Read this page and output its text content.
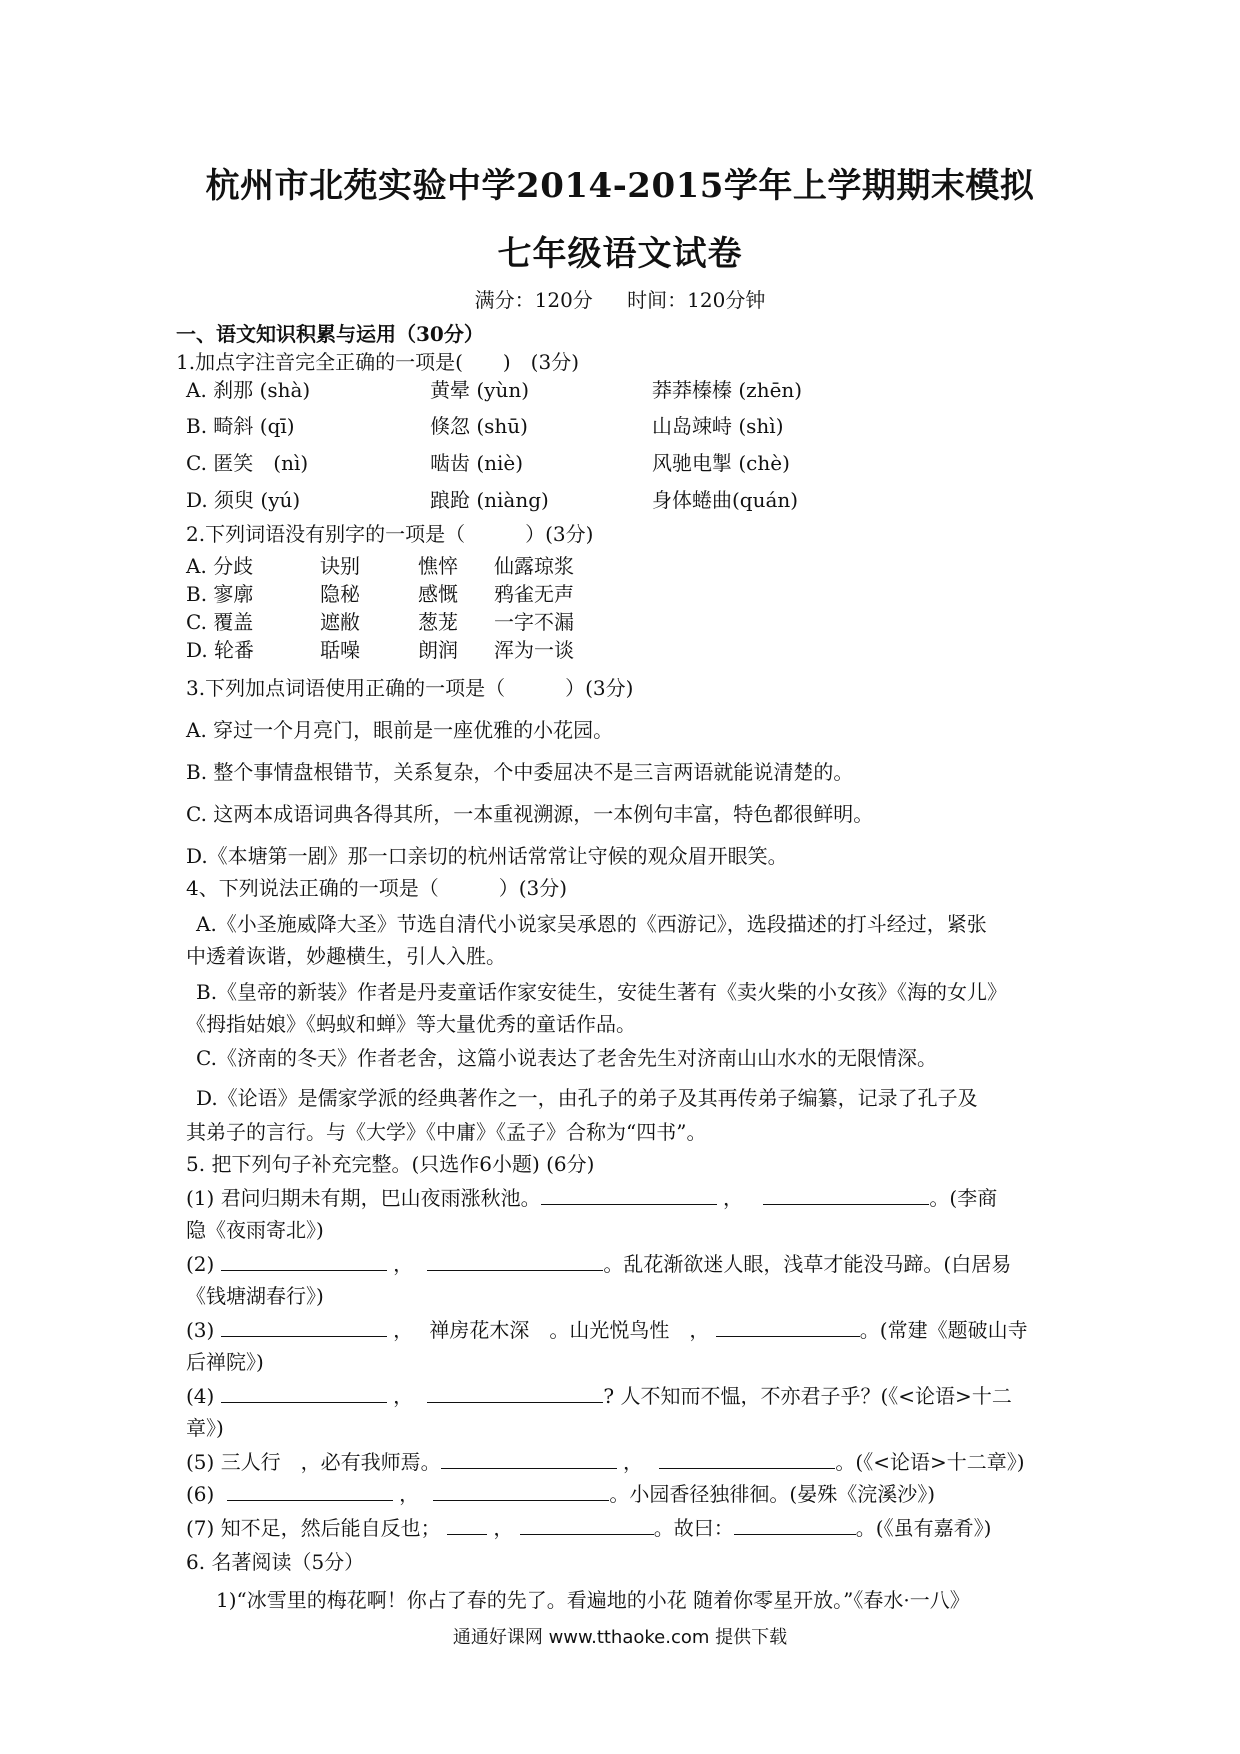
杭州市北苑实验中学2014-2015学年上学期期末模拟
七年级语文试卷
满分：120分 时间：120分钟
一、语文知识积累与运用（30分）
1.加点字注音完全正确的一项是(　　)　(3分)
A. 刹那 (shà)	黄晕 (yùn)	莽莽榛榛 (zhēn)
B. 畸斜 (qī)	倏忽 (shū)	山岛竦峙 (shì)
C. 匿笑　(nì)	啮齿 (niè)	风驰电掣 (chè)
D. 须臾 (yú)	踉跄 (niàng)	身体蜷曲(quán)
2.下列词语没有别字的一项是（　　　）(3分)
A. 分歧	诀别	憔悴 仙露琼浆
B. 寥廓	隐秘	感慨 鸦雀无声
C. 覆盖	遮敝	葱茏 一字不漏
D. 轮番	聒噪	朗润 浑为一谈
3.下列加点词语使用正确的一项是（　　　）(3分)
A. 穿过一个月亮门，眼前是一座优雅的小花园。
B. 整个事情盘根错节，关系复杂，个中委屈决不是三言两语就能说清楚的。
C. 这两本成语词典各得其所，一本重视溯源，一本例句丰富，特色都很鲜明。
D.《本塘第一剧》那一口亲切的杭州话常常让守候的观众眉开眼笑。
4、下列说法正确的一项是（　　　）(3分)
A.《小圣施威降大圣》节选自清代小说家吴承恩的《西游记》，选段描述的打斗经过，紧张
中透着诙谐，妙趣横生，引人入胜。
B.《皇帝的新装》作者是丹麦童话作家安徒生，安徒生著有《卖火柴的小女孩》《海的女儿》
《拇指姑娘》《蚂蚁和蝉》等大量优秀的童话作品。
C.《济南的冬天》作者老舍，这篇小说表达了老舍先生对济南山山水水的无限情深。
D.《论语》是儒家学派的经典著作之一，由孔子的弟子及其再传弟子编纂，记录了孔子及
其弟子的言行。与《大学》《中庸》《孟子》合称为“四书”。
5. 把下列句子补充完整。(只选作6小题) (6分)
(1) 君问归期未有期，巴山夜雨涨秋池。	，	。(李商
隐《夜雨寄北》)
(2)	，	。乱花渐欲迷人眼，浅草才能没马蹄。(白居易
《钱塘湖春行》)
(3)	， 禅房花木深　。山光悦鸟性　，	。(常建《题破山寺
后禅院》)
(4)	，	? 人不知而不愠，不亦君子乎？(《<论语>十二
章》)
(5) 三人行　，必有我师焉。	，	。(《<论语>十二章》)
(6)	，	。小园香径独徘徊。(晏殊《浣溪沙》)
(7) 知不足，然后能自反也；	，	。故曰：	。(《虽有嘉肴》)
6. 名著阅读（5分）
1)“冰雪里的梅花啊！你占了春的先了。看遍地的小花 随着你零星开放。”《春水·一八》
通通好课网 www.tthaoke.com 提供下载
